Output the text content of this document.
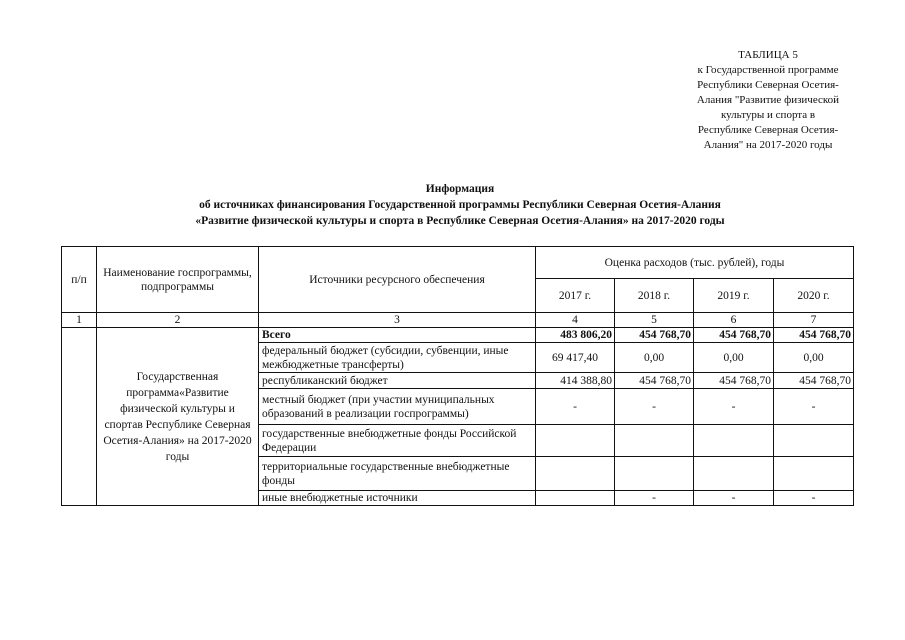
ТАБЛИЦА 5
к Государственной программе
Республики Северная Осетия-
Алания "Развитие физической
культуры и спорта в
Республике Северная Осетия-
Алания" на 2017-2020 годы
Информация
об источниках финансирования Государственной программы Республики Северная Осетия-Алания
«Развитие физической культуры и спорта в Республике Северная Осетия-Алания» на 2017-2020 годы
п/п	Наименование госпрограммы, подпрограммы	Источники ресурсного обеспечения	Оценка расходов (тыс. рублей), годы			
			2017 г.	2018 г.	2019 г.	2020 г.
1	2	3	4	5	6	7
	Государственная программа«Развитие физической культуры и спортав Республике Северная Осетия-Алания» на 2017-2020 годы	Всего	483 806,20	454 768,70	454 768,70	454 768,70
		федеральный бюджет (субсидии, субвенции, иные межбюджетные трансферты)	69 417,40	0,00	0,00	0,00
		республиканский бюджет	414 388,80	454 768,70	454 768,70	454 768,70
		местный бюджет (при участии муниципальных образований в реализации госпрограммы)	-	-	-	-
		государственные внебюджетные фонды Российской Федерации				
		территориальные государственные внебюджетные фонды				
		иные внебюджетные источники		-	-	-
